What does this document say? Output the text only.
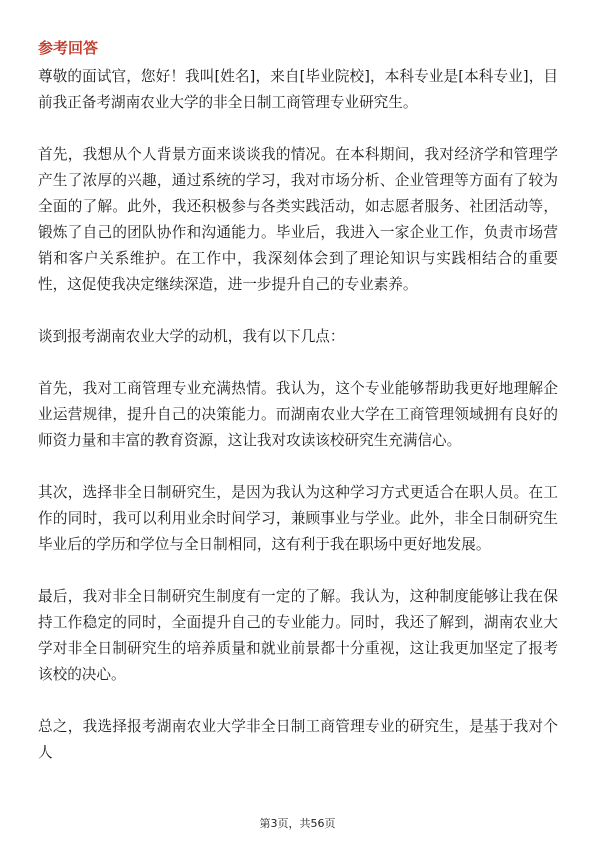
参考回答

尊敬的面试官，您好！我叫[姓名]，来自[毕业院校]，本科专业是[本科专业]，目前我正备考湖南农业大学的非全日制工商管理专业研究生。

首先，我想从个人背景方面来谈谈我的情况。在本科期间，我对经济学和管理学产生了浓厚的兴趣，通过系统的学习，我对市场分析、企业管理等方面有了较为全面的了解。此外，我还积极参与各类实践活动，如志愿者服务、社团活动等，锻炼了自己的团队协作和沟通能力。毕业后，我进入一家企业工作，负责市场营销和客户关系维护。在工作中，我深刻体会到了理论知识与实践相结合的重要性，这促使我决定继续深造，进一步提升自己的专业素养。

谈到报考湖南农业大学的动机，我有以下几点：

首先，我对工商管理专业充满热情。我认为，这个专业能够帮助我更好地理解企业运营规律，提升自己的决策能力。而湖南农业大学在工商管理领域拥有良好的师资力量和丰富的教育资源，这让我对攻读该校研究生充满信心。

其次，选择非全日制研究生，是因为我认为这种学习方式更适合在职人员。在工作的同时，我可以利用业余时间学习，兼顾事业与学业。此外，非全日制研究生毕业后的学历和学位与全日制相同，这有利于我在职场中更好地发展。

最后，我对非全日制研究生制度有一定的了解。我认为，这种制度能够让我在保持工作稳定的同时，全面提升自己的专业能力。同时，我还了解到，湖南农业大学对非全日制研究生的培养质量和就业前景都十分重视，这让我更加坚定了报考该校的决心。

总之，我选择报考湖南农业大学非全日制工商管理专业的研究生，是基于我对个人

第3页，共56页
